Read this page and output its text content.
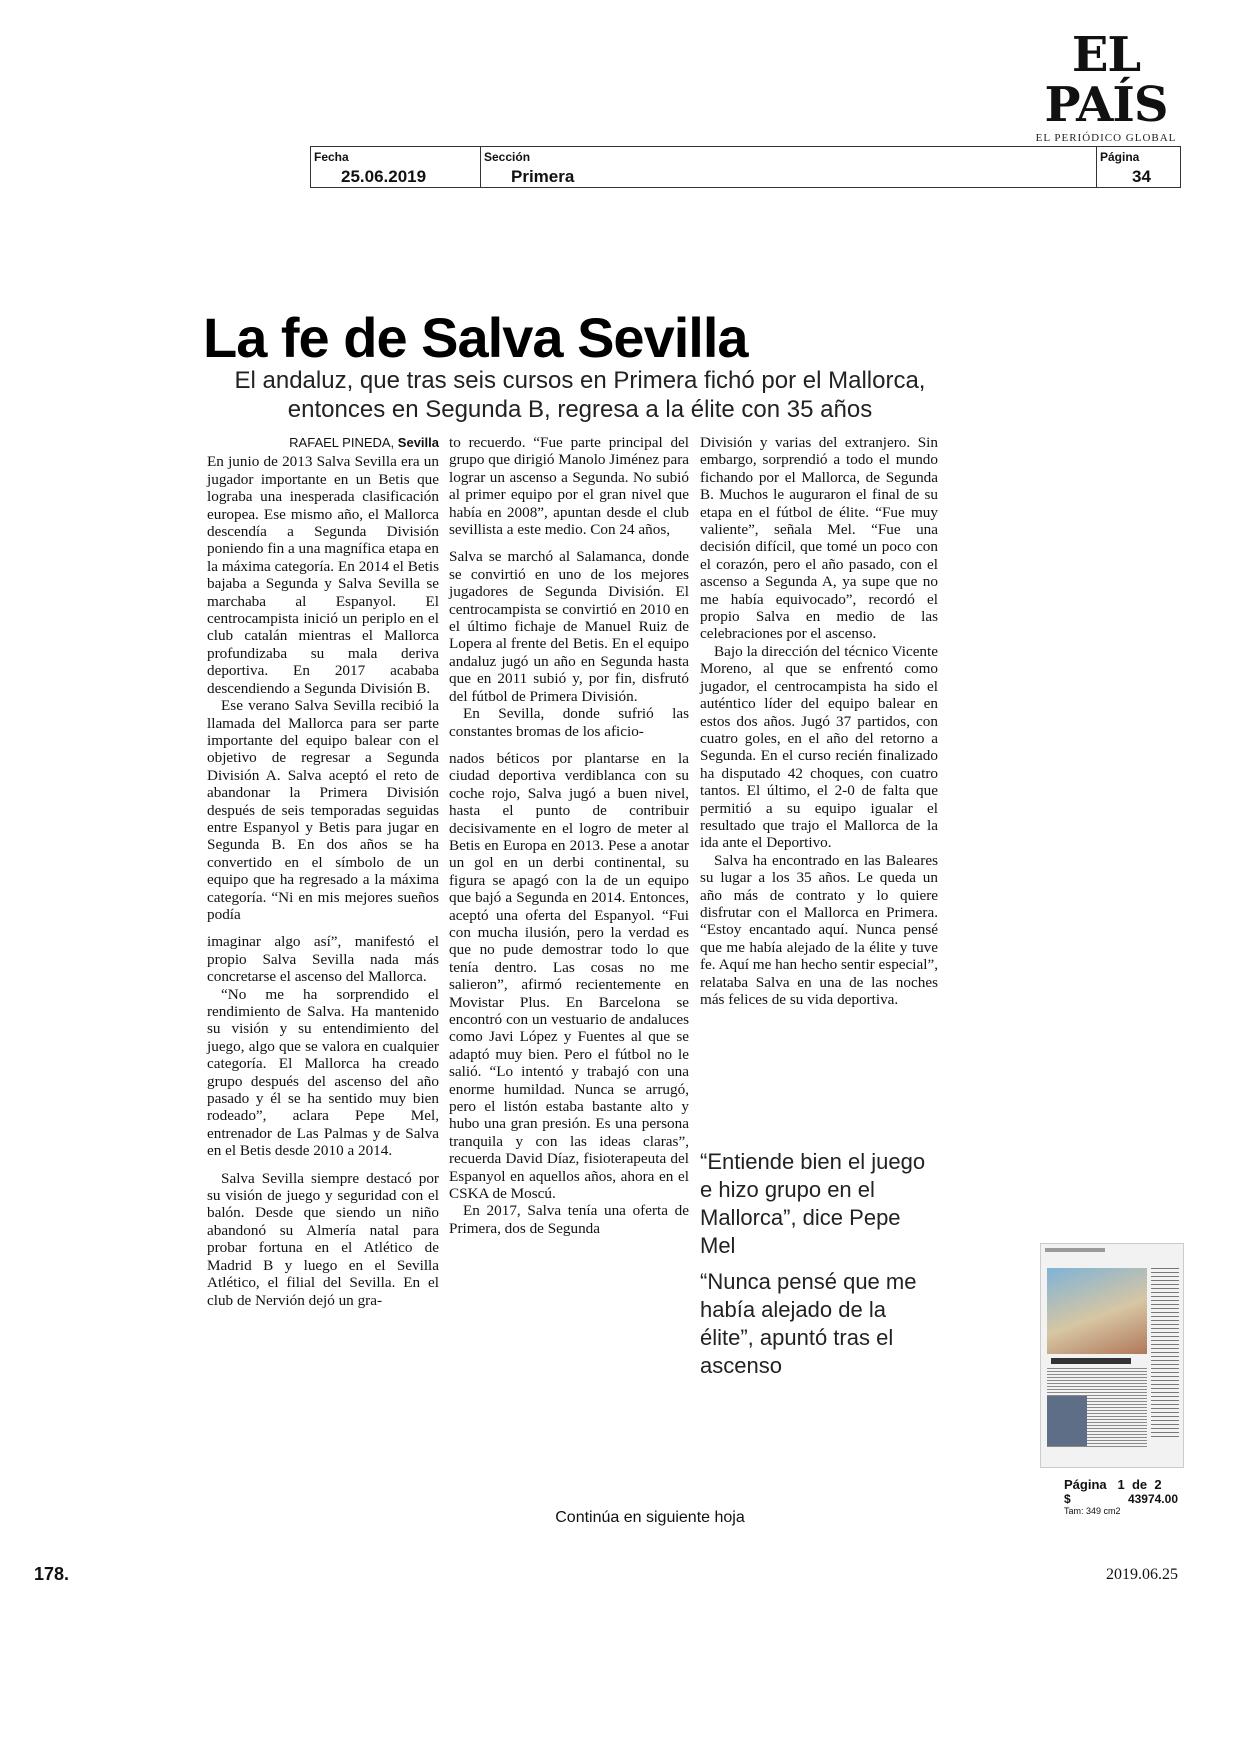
EL PAÍS
EL PERIÓDICO GLOBAL
Fecha
25.06.2019
Sección
Primera
Página
34
La fe de Salva Sevilla
El andaluz, que tras seis cursos en Primera fichó por el Mallorca, entonces en Segunda B, regresa a la élite con 35 años
RAFAEL PINEDA, Sevilla

En junio de 2013 Salva Sevilla era un jugador importante en un Betis que lograba una inesperada clasificación europea. Ese mismo año, el Mallorca descendía a Segunda División poniendo fin a una magnífica etapa en la máxima categoría. En 2014 el Betis bajaba a Segunda y Salva Sevilla se marchaba al Espanyol. El centrocampista inició un periplo en el club catalán mientras el Mallorca profundizaba su mala deriva deportiva. En 2017 acababa descendiendo a Segunda División B.

Ese verano Salva Sevilla recibió la llamada del Mallorca para ser parte importante del equipo balear con el objetivo de regresar a Segunda División A. Salva aceptó el reto de abandonar la Primera División después de seis temporadas seguidas entre Espanyol y Betis para jugar en Segunda B. En dos años se ha convertido en el símbolo de un equipo que ha regresado a la máxima categoría. “Ni en mis mejores sueños podía

imaginar algo así”, manifestó el propio Salva Sevilla nada más concretarse el ascenso del Mallorca.

“No me ha sorprendido el rendimiento de Salva. Ha mantenido su visión y su entendimiento del juego, algo que se valora en cualquier categoría. El Mallorca ha creado grupo después del ascenso del año pasado y él se ha sentido muy bien rodeado”, aclara Pepe Mel, entrenador de Las Palmas y de Salva en el Betis desde 2010 a 2014.

Salva Sevilla siempre destacó por su visión de juego y seguridad con el balón. Desde que siendo un niño abandonó su Almería natal para probar fortuna en el Atlético de Madrid B y luego en el Sevilla Atlético, el filial del Sevilla. En el club de Nervión dejó un gra-

to recuerdo. “Fue parte principal del grupo que dirigió Manolo Jiménez para lograr un ascenso a Segunda. No subió al primer equipo por el gran nivel que había en 2008”, apuntan desde el club sevillista a este medio. Con 24 años,

Salva se marchó al Salamanca, donde se convirtió en uno de los mejores jugadores de Segunda División. El centrocampista se convirtió en 2010 en el último fichaje de Manuel Ruiz de Lopera al frente del Betis. En el equipo andaluz jugó un año en Segunda hasta que en 2011 subió y, por fin, disfrutó del fútbol de Primera División.

En Sevilla, donde sufrió las constantes bromas de los aficio-

nados béticos por plantarse en la ciudad deportiva verdiblanca con su coche rojo, Salva jugó a buen nivel, hasta el punto de contribuir decisivamente en el logro de meter al Betis en Europa en 2013. Pese a anotar un gol en un derbi continental, su figura se apagó con la de un equipo que bajó a Segunda en 2014. Entonces, aceptó una oferta del Espanyol. “Fui con mucha ilusión, pero la verdad es que no pude demostrar todo lo que tenía dentro. Las cosas no me salieron”, afirmó recientemente en Movistar Plus. En Barcelona se encontró con un vestuario de andaluces como Javi López y Fuentes al que se adaptó muy bien. Pero el fútbol no le salió. “Lo intentó y trabajó con una enorme humildad. Nunca se arrugó, pero el listón estaba bastante alto y hubo una gran presión. Es una persona tranquila y con las ideas claras”, recuerda David Díaz, fisioterapeuta del Espanyol en aquellos años, ahora en el CSKA de Moscú.

En 2017, Salva tenía una oferta de Primera, dos de Segunda

División y varias del extranjero. Sin embargo, sorprendió a todo el mundo fichando por el Mallorca, de Segunda B. Muchos le auguraron el final de su etapa en el fútbol de élite. “Fue muy valiente”, señala Mel. “Fue una decisión difícil, que tomé un poco con el corazón, pero el año pasado, con el ascenso a Segunda A, ya supe que no me había equivocado”, recordó el propio Salva en medio de las celebraciones por el ascenso.

Bajo la dirección del técnico Vicente Moreno, al que se enfrentó como jugador, el centrocampista ha sido el auténtico líder del equipo balear en estos dos años. Jugó 37 partidos, con cuatro goles, en el año del retorno a Segunda. En el curso recién finalizado ha disputado 42 choques, con cuatro tantos. El último, el 2-0 de falta que permitió a su equipo igualar el resultado que trajo el Mallorca de la ida ante el Deportivo.

Salva ha encontrado en las Baleares su lugar a los 35 años. Le queda un año más de contrato y lo quiere disfrutar con el Mallorca en Primera. “Estoy encantado aquí. Nunca pensé que me había alejado de la élite y tuve fe. Aquí me han hecho sentir especial”, relataba Salva en una de las noches más felices de su vida deportiva.

“Entiende bien el juego e hizo grupo en el Mallorca”, dice Pepe Mel
“Nunca pensé que me había alejado de la élite”, apuntó tras el ascenso
Página 1 de 2
$	43974.00
Tam: 349 cm2
Continúa en siguiente hoja
178.	2019.06.25
